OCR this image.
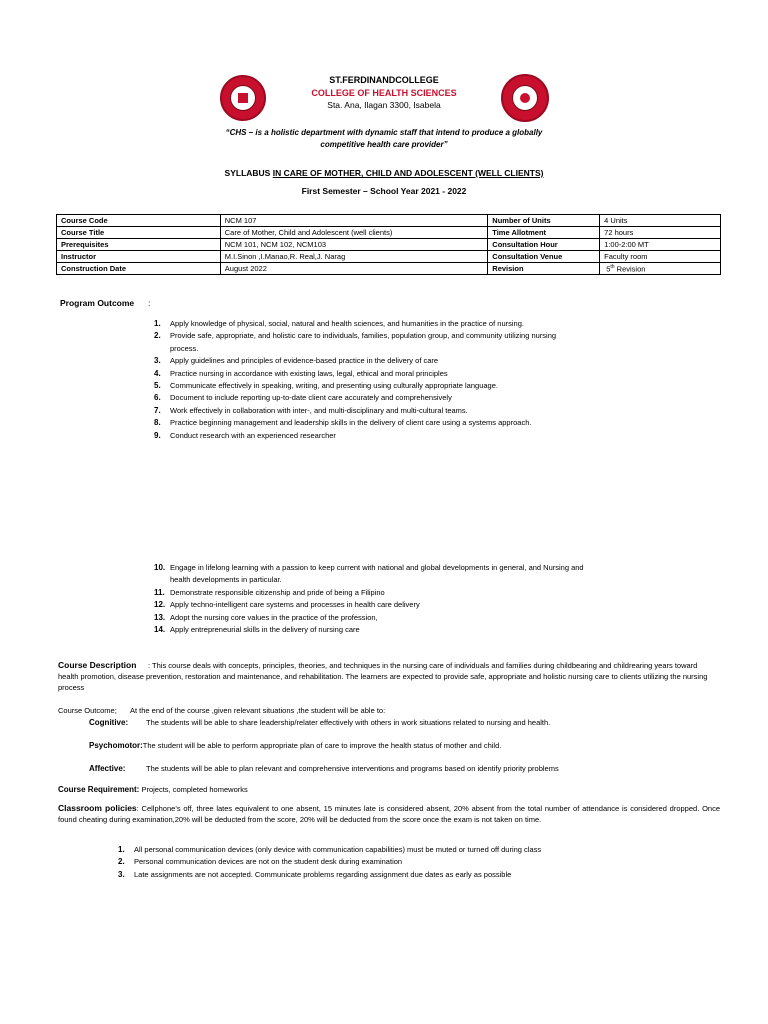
ST.FERDINANDCOLLEGE
COLLEGE OF HEALTH SCIENCES
Sta. Ana, Ilagan 3300, Isabela
“CHS – is a holistic department with dynamic staff that intend to produce a globally
competitive health care provider”
SYLLABUS IN CARE OF MOTHER, CHILD AND ADOLESCENT (WELL CLIENTS)
First Semester – School Year 2021 - 2022
Course Code	NCM 107	Number of Units	4 Units
Course Title	Care of Mother, Child and Adolescent (well clients)	Time Allotment	72 hours
Prerequisites	NCM 101, NCM 102, NCM103	Consultation Hour	1:00-2:00 MT
Instructor	M.I.Sinon ,I.Manao,R. Real,J. Narag	Consultation Venue	Faculty room
Construction Date	August 2022	Revision	5th Revision
Program Outcome :
1. Apply knowledge of physical, social, natural and health sciences, and humanities in the practice of nursing.
2. Provide safe, appropriate, and holistic care to individuals, families, population group, and community utilizing nursing process.
3. Apply guidelines and principles of evidence-based practice in the delivery of care
4. Practice nursing in accordance with existing laws, legal, ethical and moral principles
5. Communicate effectively in speaking, writing, and presenting using culturally appropriate language.
6. Document to include reporting up-to-date client care accurately and comprehensively
7. Work effectively in collaboration with inter-, and multi-disciplinary and multi-cultural teams.
8. Practice beginning management and leadership skills in the delivery of client care using a systems approach.
9. Conduct research with an experienced researcher
10. Engage in lifelong learning with a passion to keep current with national and global developments in general, and Nursing and health developments in particular.
11. Demonstrate responsible citizenship and pride of being a Filipino
12. Apply techno-intelligent care systems and processes in health care delivery
13. Adopt the nursing core values in the practice of the profession,
14. Apply entrepreneurial skills in the delivery of nursing care
Course Description : This course deals with concepts, principles, theories, and techniques in the nursing care of individuals and families during childbearing and childrearing years toward health promotion, disease prevention, restoration and maintenance, and rehabilitation. The learners are expected to provide safe, appropriate and holistic nursing care to clients utilizing the nursing process
Course Outcome; At the end of the course ,given relevant situations ,the student will be able to:
Cognitive: The students will be able to share leadership/relater effectively with others in work situations related to nursing and health.
Psychomotor:The student will be able to perform appropriate plan of care to improve the health status of mother and child.
Affective:	The students will be able to plan relevant and comprehensive interventions and programs based on identify priority problems
Course Requirement: Projects, completed homeworks
Classroom policies: Cellphone’s off, three lates equivalent to one absent, 15 minutes late is considered absent, 20% absent from the total number of attendance is considered dropped. Once found cheating during examination,20% will be deducted from the score, 20% will be deducted from the score once the exam is not taken on time.
1. All personal communication devices (only device with communication capabilities) must be muted or turned off during class
2. Personal communication devices are not on the student desk during examination
3. Late assignments are not accepted. Communicate problems regarding assignment due dates as early as possible
